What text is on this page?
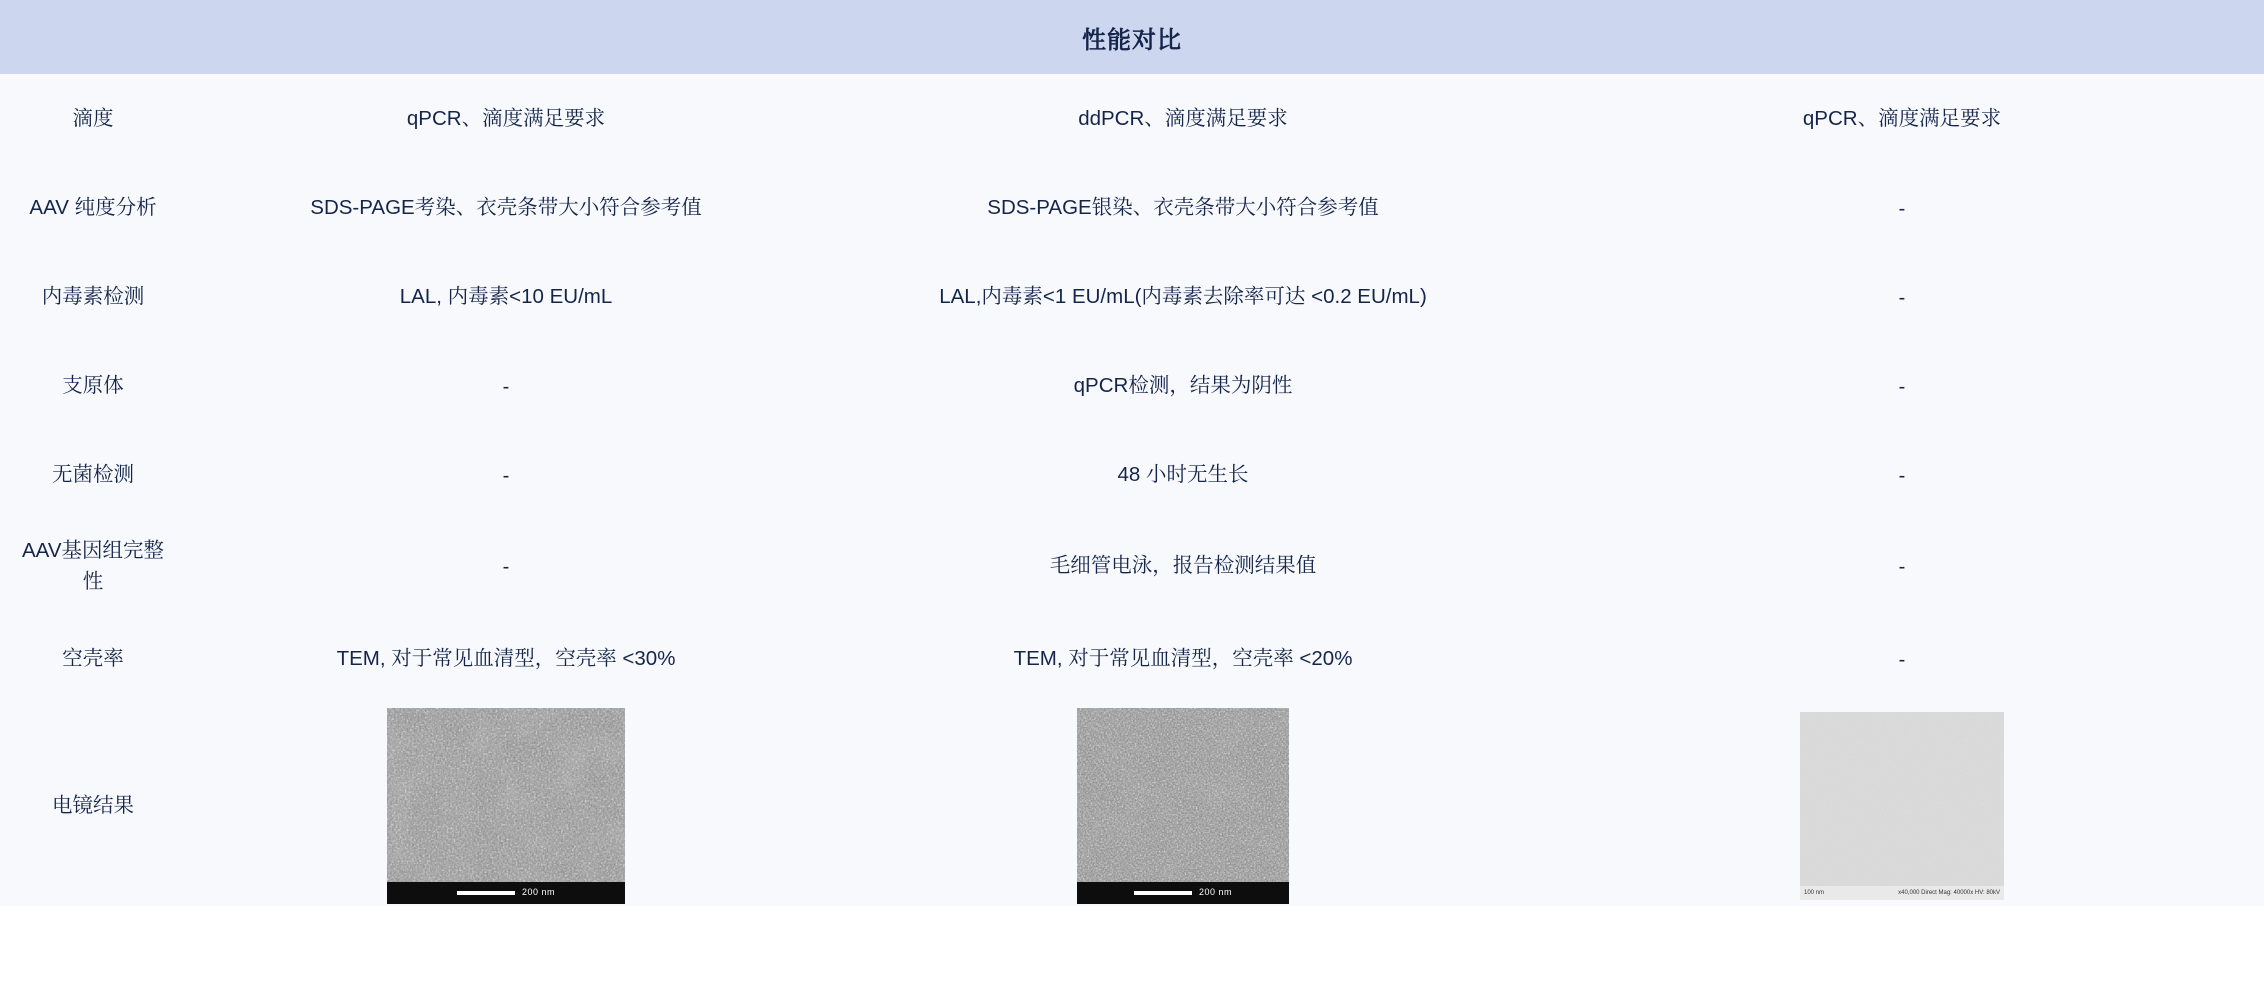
性能对比
滴度	qPCR、滴度满足要求	ddPCR、滴度满足要求	qPCR、滴度满足要求
AAV 纯度分析	SDS-PAGE考染、衣壳条带大小符合参考值	SDS-PAGE银染、衣壳条带大小符合参考值	-
内毒素检测	LAL, 内毒素<10 EU/mL	LAL,内毒素<1 EU/mL(内毒素去除率可达 <0.2 EU/mL)	-
支原体	-	qPCR检测，结果为阴性	-
无菌检测	-	48 小时无生长	-
AAV基因组完整性	-	毛细管电泳，报告检测结果值	-
空壳率	TEM, 对于常见血清型，空壳率 <30%	TEM, 对于常见血清型，空壳率 <20%	-
电镜结果	200 nm	200 nm	100 nm x40,000 Direct Mag: 40000x HV: 80kV
